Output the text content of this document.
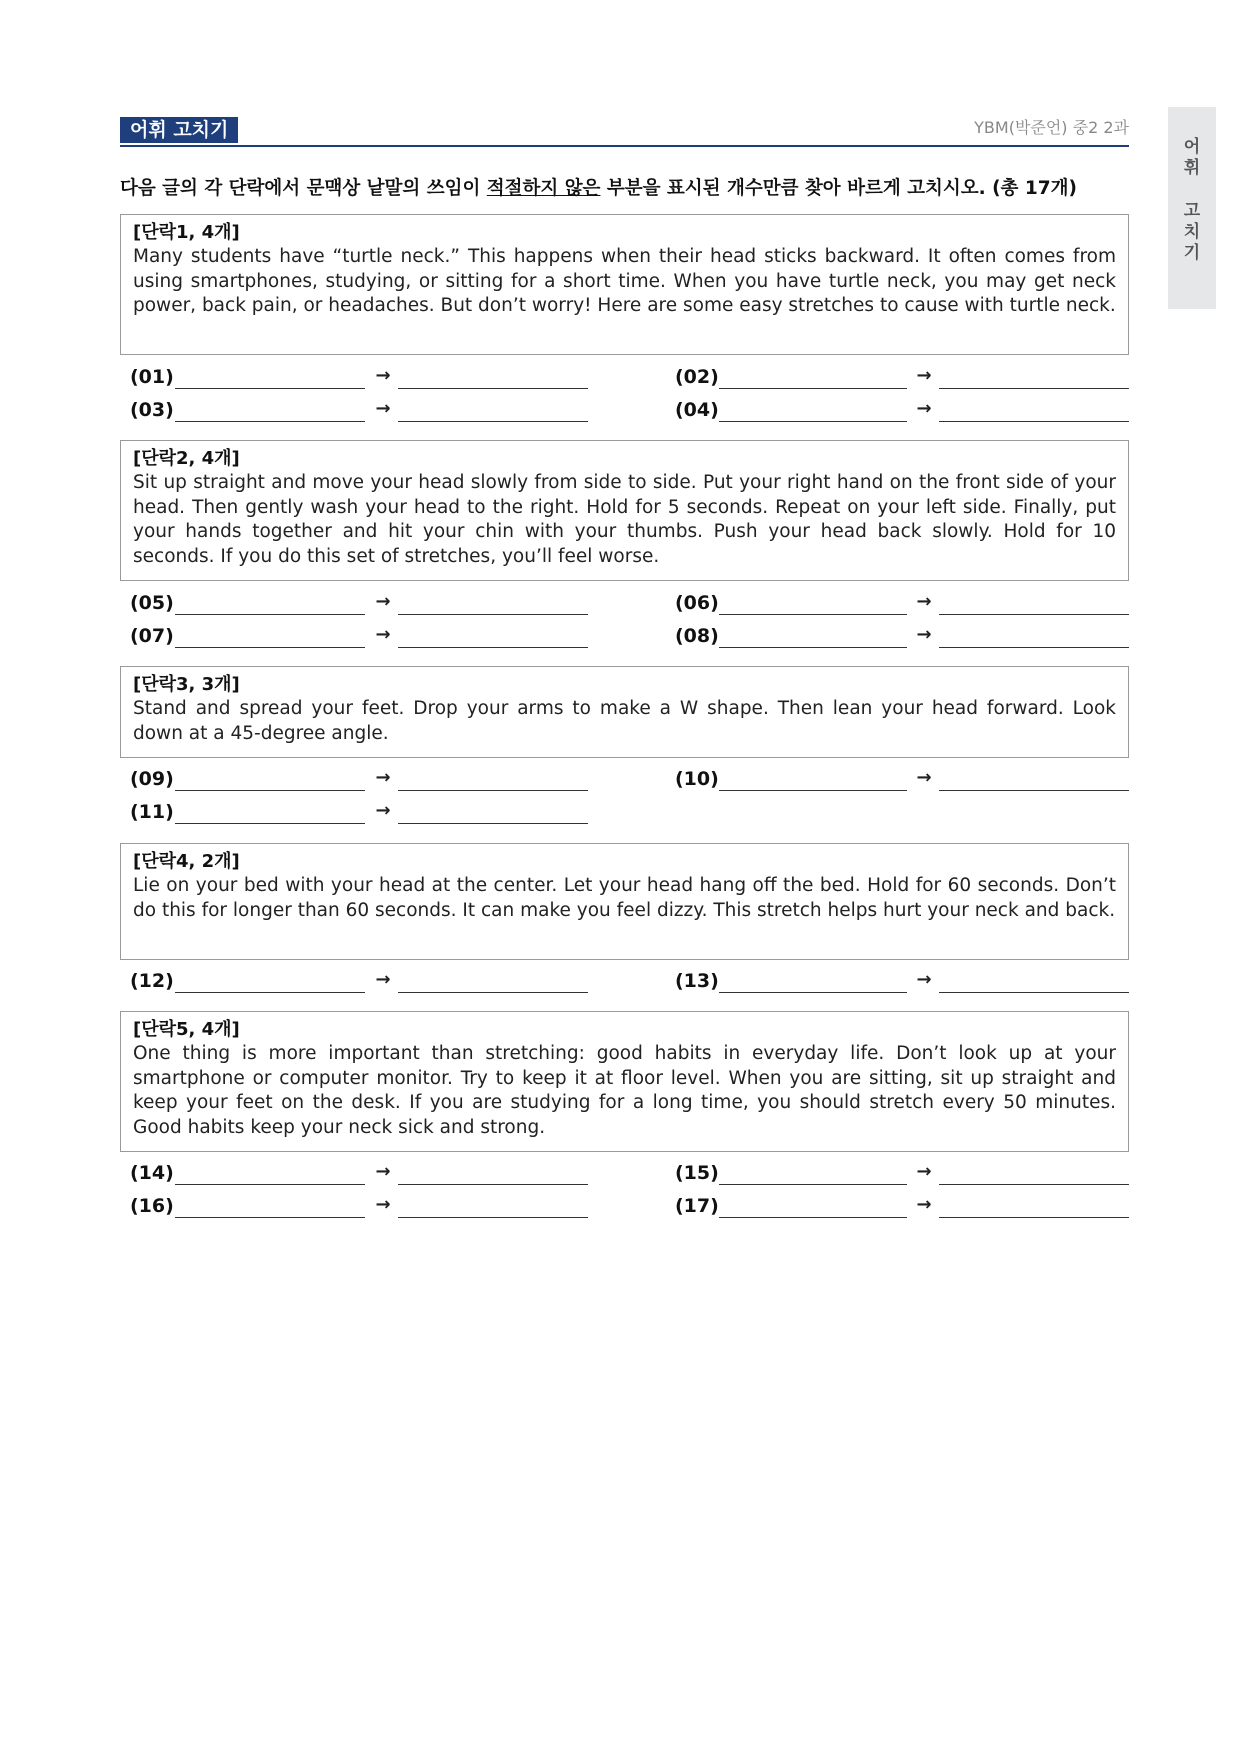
어휘 고치기	YBM(박준언) 중2 2과
다음 글의 각 단락에서 문맥상 낱말의 쓰임이 적절하지 않은 부분을 표시된 개수만큼 찾아 바르게 고치시오. (총 17개)
[단락1, 4개]
Many students have “turtle neck.” This happens when their head sticks backward. It often comes from using smartphones, studying, or sitting for a short time. When you have turtle neck, you may get neck power, back pain, or headaches. But don’t worry! Here are some easy stretches to cause with turtle neck.
(01)	→	(02)	→
(03)	→	(04)	→
[단락2, 4개]
Sit up straight and move your head slowly from side to side. Put your right hand on the front side of your head. Then gently wash your head to the right. Hold for 5 seconds. Repeat on your left side. Finally, put your hands together and hit your chin with your thumbs. Push your head back slowly. Hold for 10 seconds. If you do this set of stretches, you’ll feel worse.
(05)	→	(06)	→
(07)	→	(08)	→
[단락3, 3개]
Stand and spread your feet. Drop your arms to make a W shape. Then lean your head forward. Look down at a 45-degree angle.
(09)	→	(10)	→
(11)	→
[단락4, 2개]
Lie on your bed with your head at the center. Let your head hang off the bed. Hold for 60 seconds. Don’t do this for longer than 60 seconds. It can make you feel dizzy. This stretch helps hurt your neck and back.
(12)	→	(13)	→
[단락5, 4개]
One thing is more important than stretching: good habits in everyday life. Don’t look up at your smartphone or computer monitor. Try to keep it at floor level. When you are sitting, sit up straight and keep your feet on the desk. If you are studying for a long time, you should stretch every 50 minutes. Good habits keep your neck sick and strong.
(14)	→	(15)	→
(16)	→	(17)	→
어
휘
고
치
기
